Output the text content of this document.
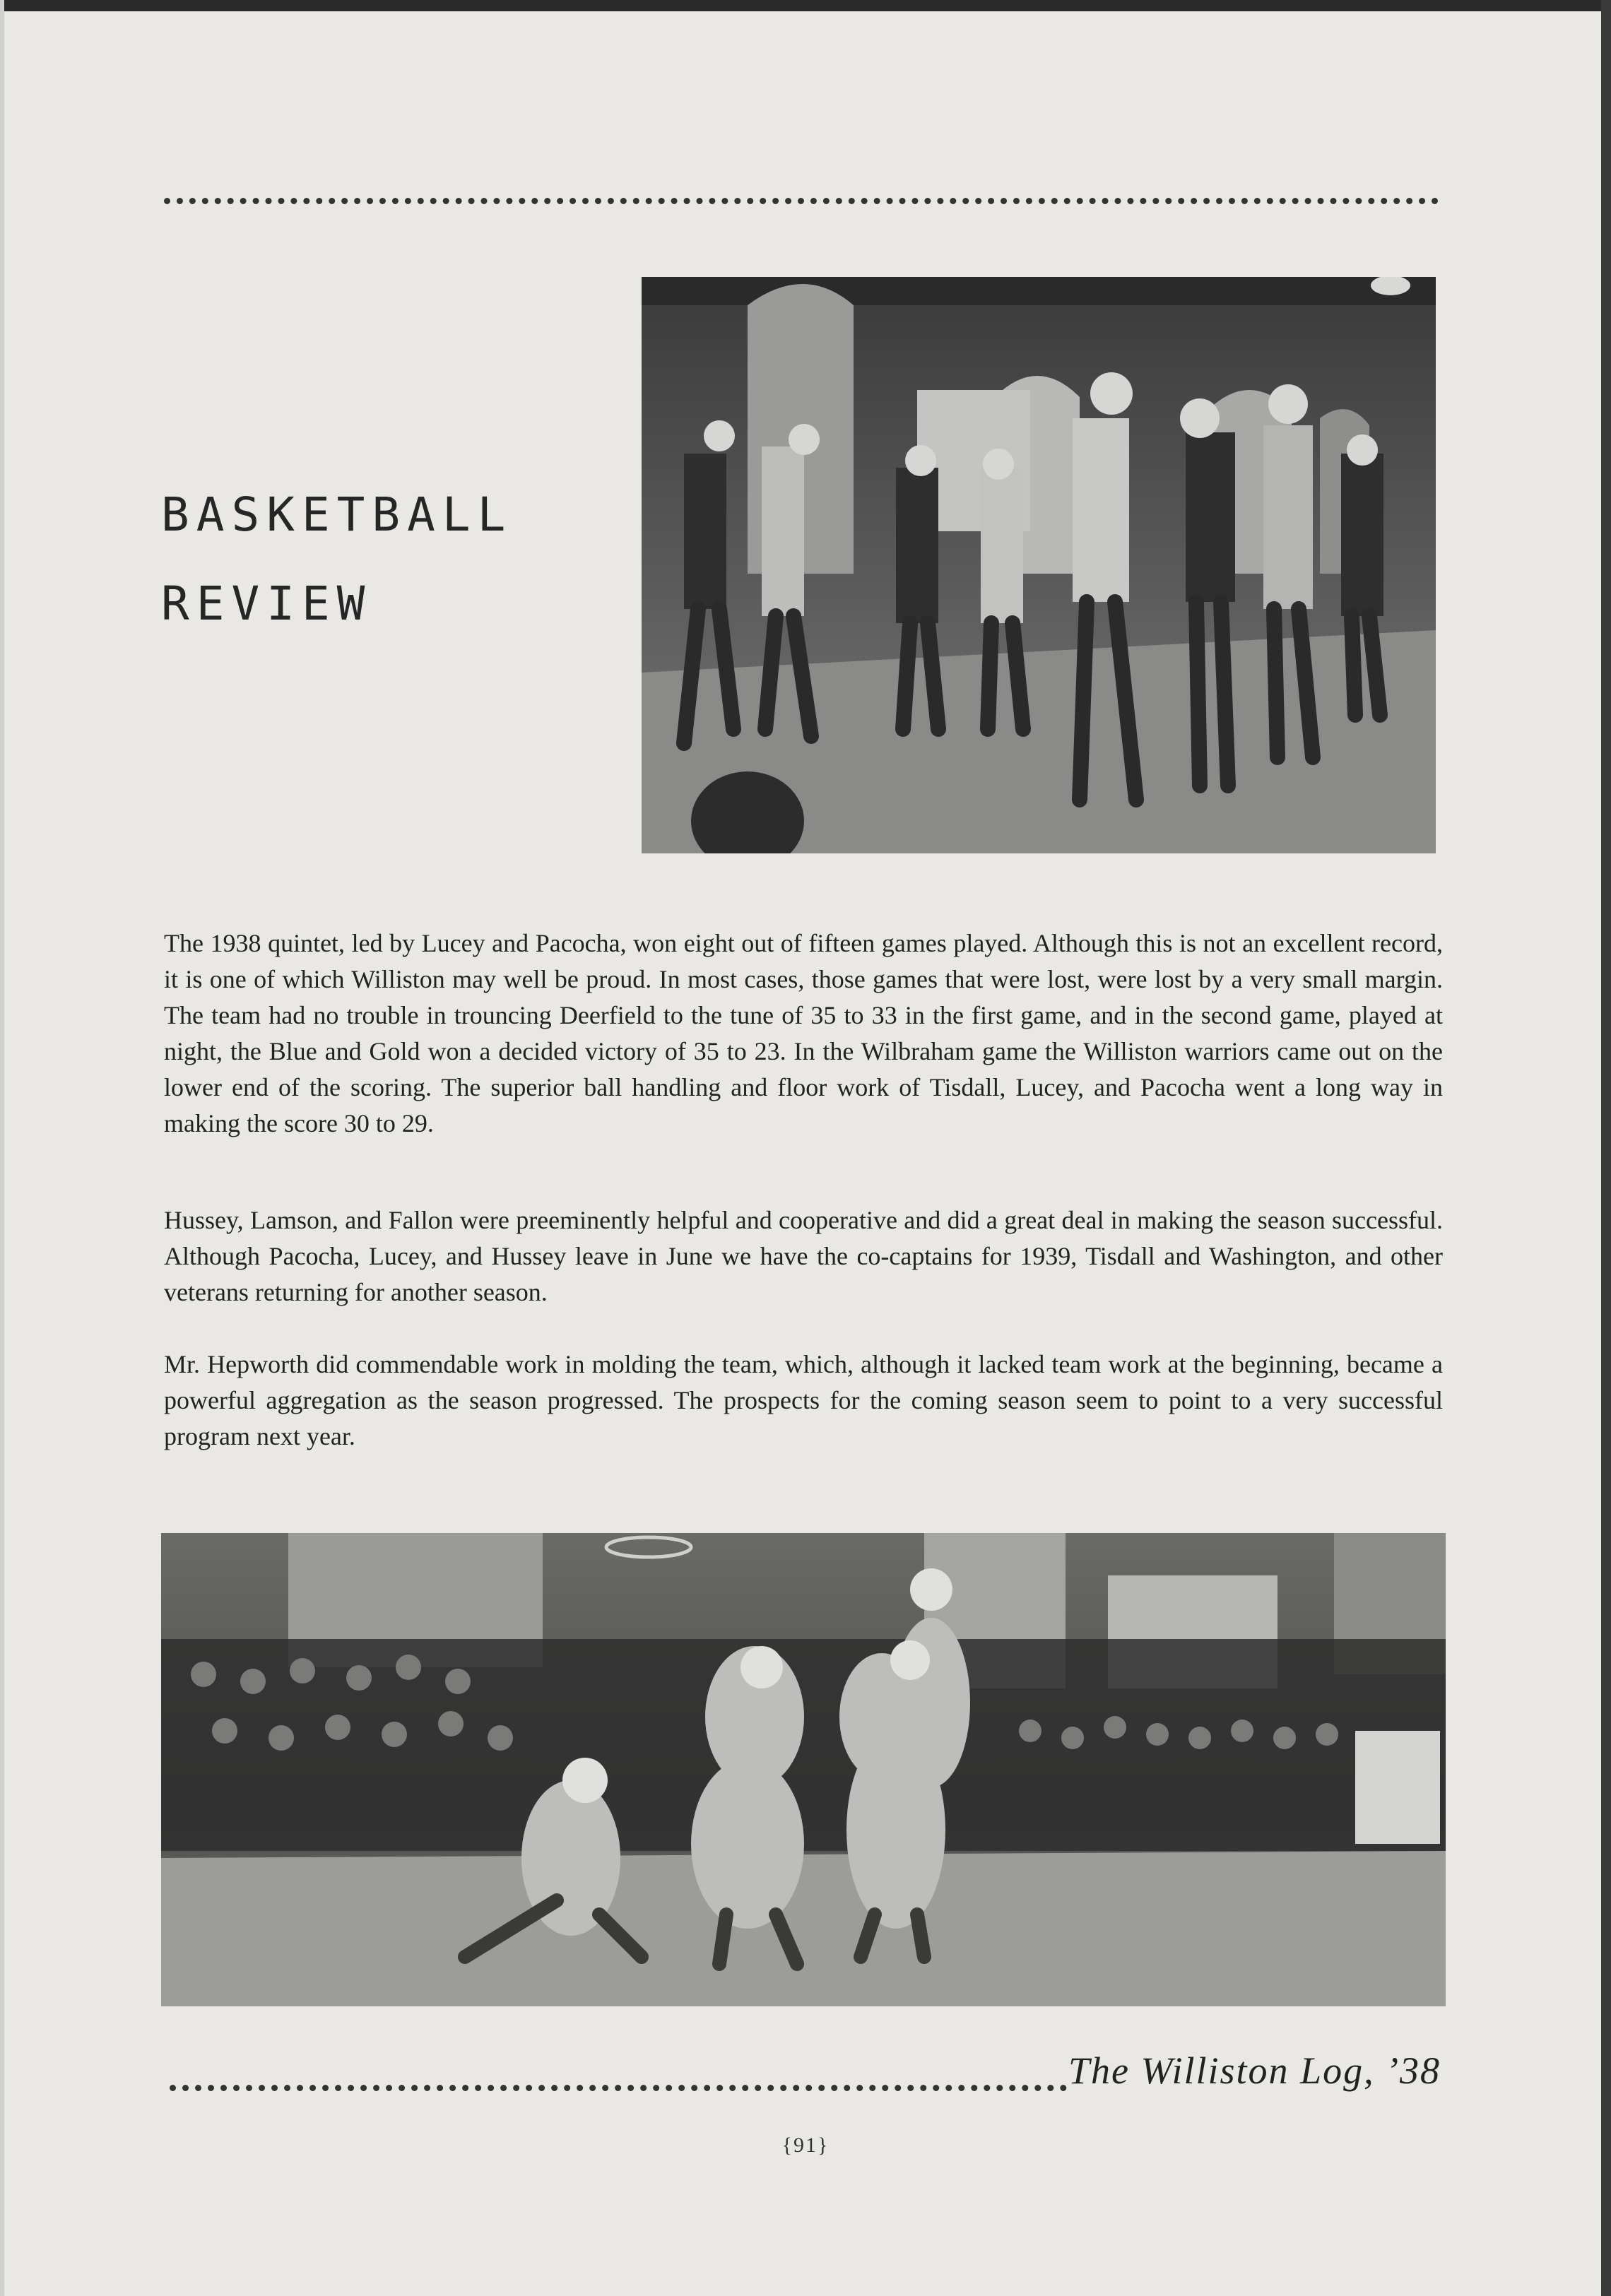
BASKETBALL
REVIEW

The 1938 quintet, led by Lucey and Pacocha, won eight out of fifteen games played. Although this is not an excellent record, it is one of which Williston may well be proud. In most cases, those games that were lost, were lost by a very small margin. The team had no trouble in trouncing Deerfield to the tune of 35 to 33 in the first game, and in the second game, played at night, the Blue and Gold won a decided victory of 35 to 23. In the Wilbraham game the Williston warriors came out on the lower end of the scoring. The superior ball handling and floor work of Tisdall, Lucey, and Pacocha went a long way in making the score 30 to 29.

Hussey, Lamson, and Fallon were preeminently helpful and cooperative and did a great deal in making the season successful. Although Pacocha, Lucey, and Hussey leave in June we have the co-captains for 1939, Tisdall and Washington, and other veterans returning for another season.

Mr. Hepworth did commendable work in molding the team, which, although it lacked team work at the beginning, became a powerful aggregation as the season progressed. The prospects for the coming season seem to point to a very successful program next year.

The Williston Log, ’38
{91}
